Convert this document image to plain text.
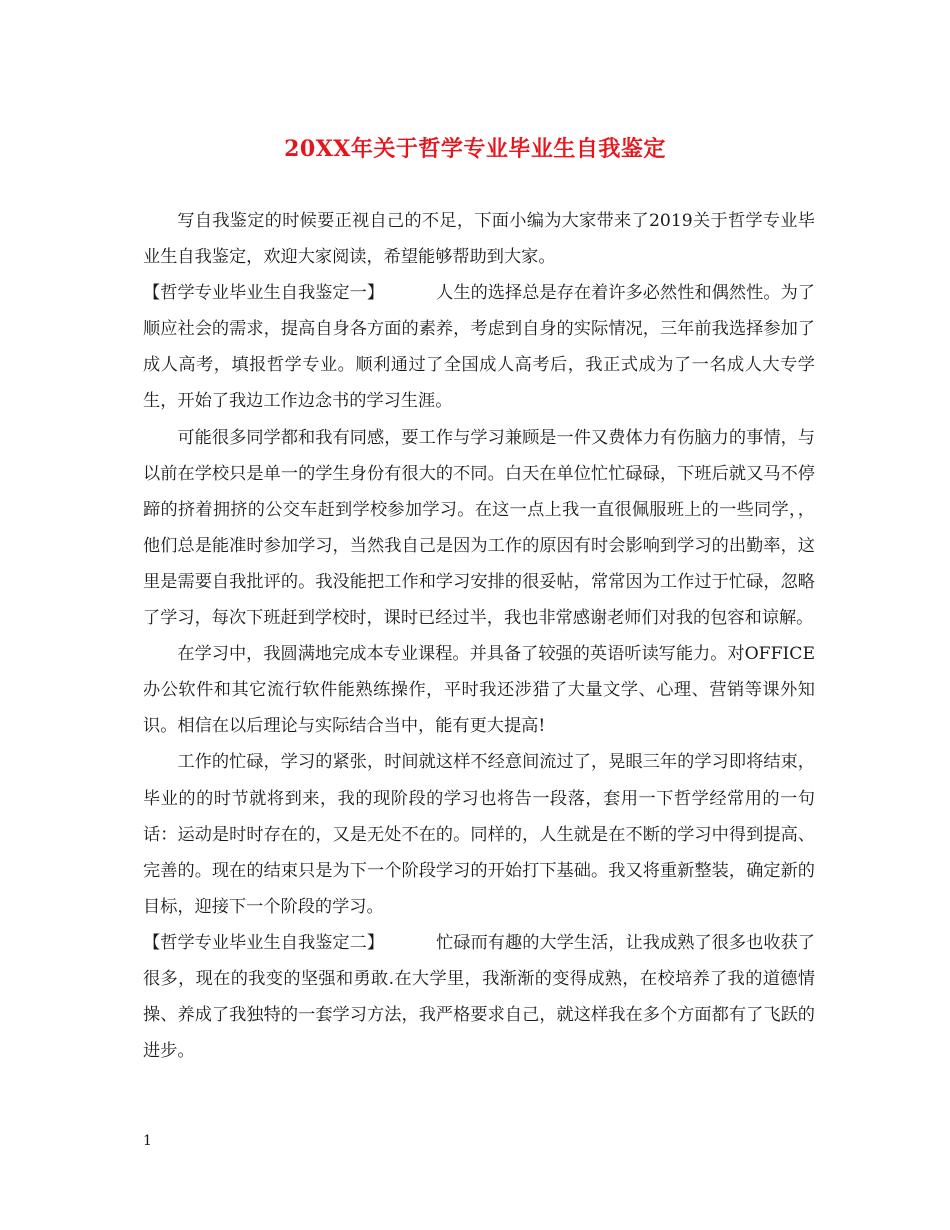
20XX年关于哲学专业毕业生自我鉴定

写自我鉴定的时候要正视自己的不足，下面小编为大家带来了2019关于哲学专业毕业生自我鉴定，欢迎大家阅读，希望能够帮助到大家。

【哲学专业毕业生自我鉴定一】	人生的选择总是存在着许多必然性和偶然性。为了顺应社会的需求，提高自身各方面的素养，考虑到自身的实际情况，三年前我选择参加了成人高考，填报哲学专业。顺利通过了全国成人高考后，我正式成为了一名成人大专学生，开始了我边工作边念书的学习生涯。

可能很多同学都和我有同感，要工作与学习兼顾是一件又费体力有伤脑力的事情，与以前在学校只是单一的学生身份有很大的不同。白天在单位忙忙碌碌，下班后就又马不停蹄的挤着拥挤的公交车赶到学校参加学习。在这一点上我一直很佩服班上的一些同学，，他们总是能准时参加学习，当然我自己是因为工作的原因有时会影响到学习的出勤率，这里是需要自我批评的。我没能把工作和学习安排的很妥帖，常常因为工作过于忙碌，忽略了学习，每次下班赶到学校时，课时已经过半，我也非常感谢老师们对我的包容和谅解。

在学习中，我圆满地完成本专业课程。并具备了较强的英语听读写能力。对OFFICE办公软件和其它流行软件能熟练操作，平时我还涉猎了大量文学、心理、营销等课外知识。相信在以后理论与实际结合当中，能有更大提高!

工作的忙碌，学习的紧张，时间就这样不经意间流过了，晃眼三年的学习即将结束，毕业的的时节就将到来，我的现阶段的学习也将告一段落，套用一下哲学经常用的一句话：运动是时时存在的，又是无处不在的。同样的，人生就是在不断的学习中得到提高、完善的。现在的结束只是为下一个阶段学习的开始打下基础。我又将重新整装，确定新的目标，迎接下一个阶段的学习。

【哲学专业毕业生自我鉴定二】	忙碌而有趣的大学生活，让我成熟了很多也收获了很多，现在的我变的坚强和勇敢.在大学里，我渐渐的变得成熟，在校培养了我的道德情操、养成了我独特的一套学习方法，我严格要求自己，就这样我在多个方面都有了飞跃的进步。

1
